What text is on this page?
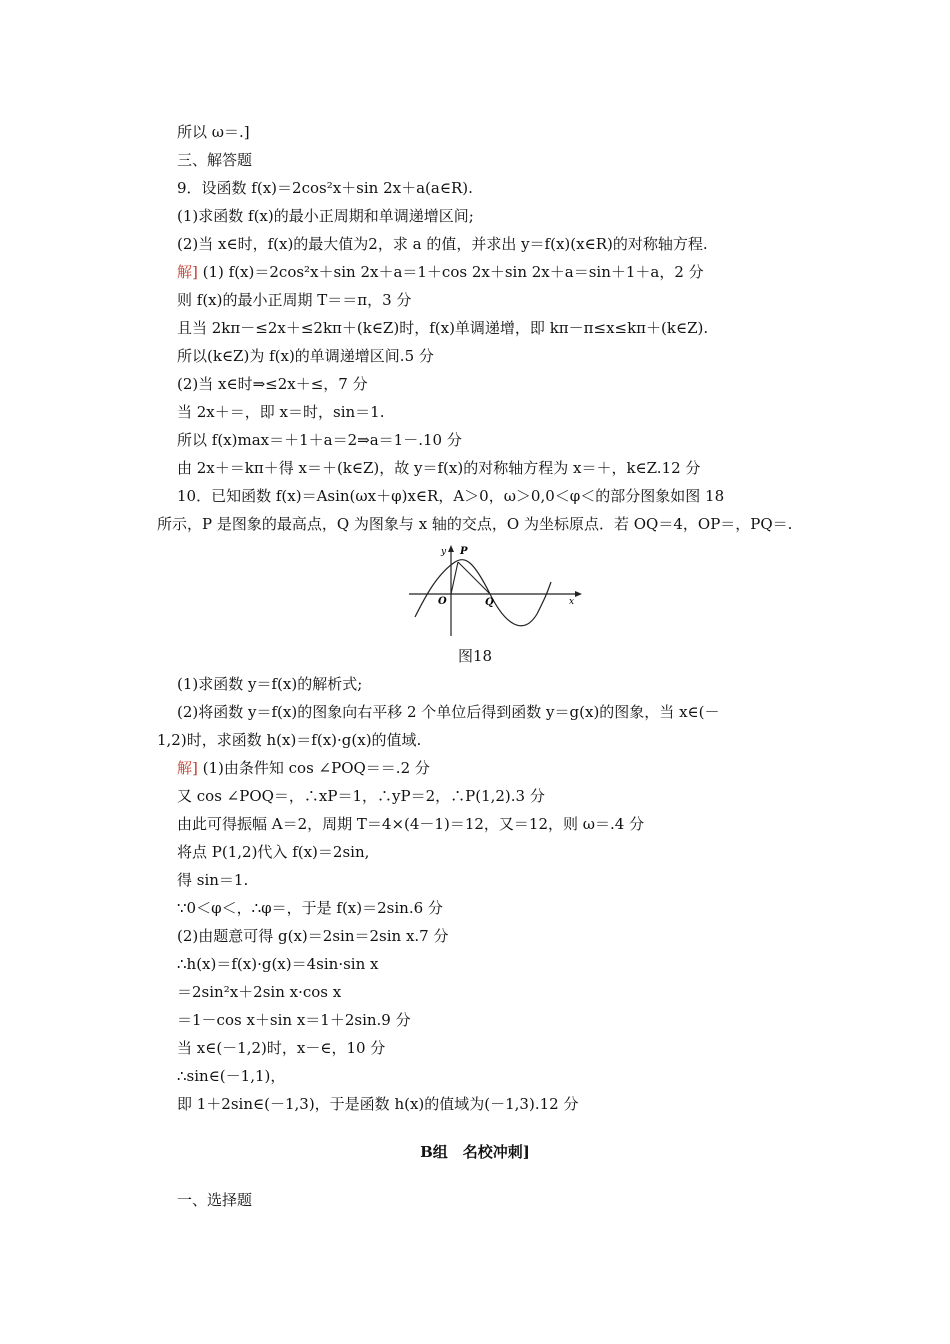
所以 ω＝.]
三、解答题
9．设函数 f(x)＝2cos²x＋sin 2x＋a(a∈R).
(1)求函数 f(x)的最小正周期和单调递增区间;
(2)当 x∈时，f(x)的最大值为2，求 a 的值，并求出 y＝f(x)(x∈R)的对称轴方程.
解] (1) f(x)＝2cos²x＋sin 2x＋a＝1＋cos 2x＋sin 2x＋a＝sin＋1＋a，2 分
则 f(x)的最小正周期 T＝＝π，3 分
且当 2kπ－≤2x＋≤2kπ＋(k∈Z)时，f(x)单调递增，即 kπ－π≤x≤kπ＋(k∈Z).
所以(k∈Z)为 f(x)的单调递增区间.5 分
(2)当 x∈时⇒≤2x＋≤，7 分
当 2x＋＝，即 x＝时，sin＝1.
所以 f(x)max＝＋1＋a＝2⇒a＝1－.10 分
由 2x＋＝kπ＋得 x＝＋(k∈Z)，故 y＝f(x)的对称轴方程为 x＝＋，k∈Z.12 分
10．已知函数 f(x)＝Asin(ωx＋φ)x∈R，A＞0，ω＞0,0＜φ＜的部分图象如图 18
所示，P 是图象的最高点，Q 为图象与 x 轴的交点，O 为坐标原点．若 OQ＝4，OP＝，PQ＝.
y
x
O
P
Q
图18
(1)求函数 y＝f(x)的解析式;
(2)将函数 y＝f(x)的图象向右平移 2 个单位后得到函数 y＝g(x)的图象，当 x∈(－
1,2)时，求函数 h(x)＝f(x)·g(x)的值域.
解] (1)由条件知 cos ∠POQ＝＝.2 分
又 cos ∠POQ＝，∴xP＝1，∴yP＝2，∴P(1,2).3 分
由此可得振幅 A＝2，周期 T＝4×(4－1)＝12，又＝12，则 ω＝.4 分
将点 P(1,2)代入 f(x)＝2sin,
得 sin＝1.
∵0＜φ＜，∴φ＝，于是 f(x)＝2sin.6 分
(2)由题意可得 g(x)＝2sin＝2sin x.7 分
∴h(x)＝f(x)·g(x)＝4sin·sin x
＝2sin²x＋2sin x·cos x
＝1－cos x＋sin x＝1＋2sin.9 分
当 x∈(－1,2)时，x－∈，10 分
∴sin∈(－1,1)，
即 1＋2sin∈(－1,3)，于是函数 h(x)的值域为(－1,3).12 分
B组　名校冲刺]
一、选择题
